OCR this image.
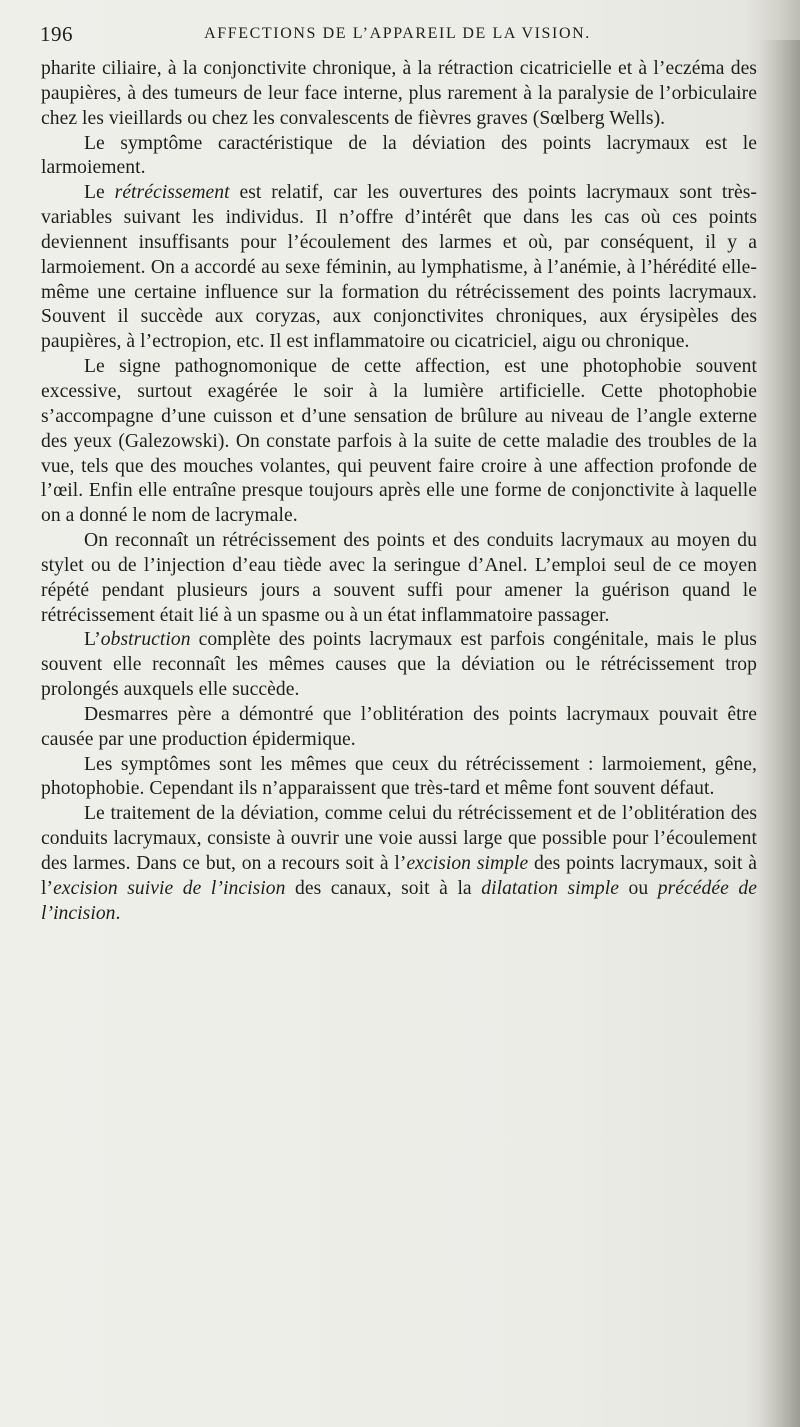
196	AFFECTIONS DE L’APPAREIL DE LA VISION.

pharite ciliaire, à la conjonctivite chronique, à la rétraction cicatricielle et à l’eczéma des paupières, à des tumeurs de leur face interne, plus rarement à la paralysie de l’orbiculaire chez les vieillards ou chez les convalescents de fièvres graves (Sœlberg Wells).

Le symptôme caractéristique de la déviation des points lacrymaux est le larmoiement.

Le rétrécissement est relatif, car les ouvertures des points lacrymaux sont très-variables suivant les individus. Il n’offre d’intérêt que dans les cas où ces points deviennent insuffisants pour l’écoulement des larmes et où, par conséquent, il y a larmoiement. On a accordé au sexe féminin, au lymphatisme, à l’anémie, à l’hérédité elle-même une certaine influence sur la formation du rétrécissement des points lacrymaux. Souvent il succède aux coryzas, aux conjonctivites chroniques, aux érysipèles des paupières, à l’ectropion, etc. Il est inflammatoire ou cicatriciel, aigu ou chronique.

Le signe pathognomonique de cette affection, est une photophobie souvent excessive, surtout exagérée le soir à la lumière artificielle. Cette photophobie s’accompagne d’une cuisson et d’une sensation de brûlure au niveau de l’angle externe des yeux (Galezowski). On constate parfois à la suite de cette maladie des troubles de la vue, tels que des mouches volantes, qui peuvent faire croire à une affection profonde de l’œil. Enfin elle entraîne presque toujours après elle une forme de conjonctivite à laquelle on a donné le nom de lacrymale.

On reconnaît un rétrécissement des points et des conduits lacrymaux au moyen du stylet ou de l’injection d’eau tiède avec la seringue d’Anel. L’emploi seul de ce moyen répété pendant plusieurs jours a souvent suffi pour amener la guérison quand le rétrécissement était lié à un spasme ou à un état inflammatoire passager.

L’obstruction complète des points lacrymaux est parfois congénitale, mais le plus souvent elle reconnaît les mêmes causes que la déviation ou le rétrécissement trop prolongés auxquels elle succède.

Desmarres père a démontré que l’oblitération des points lacrymaux pouvait être causée par une production épidermique.

Les symptômes sont les mêmes que ceux du rétrécissement : larmoiement, gêne, photophobie. Cependant ils n’apparaissent que très-tard et même font souvent défaut.

Le traitement de la déviation, comme celui du rétrécissement et de l’oblitération des conduits lacrymaux, consiste à ouvrir une voie aussi large que possible pour l’écoulement des larmes. Dans ce but, on a recours soit à l’excision simple des points lacrymaux, soit à l’excision suivie de l’incision des canaux, soit à la dilatation simple ou précédée de l’incision.
